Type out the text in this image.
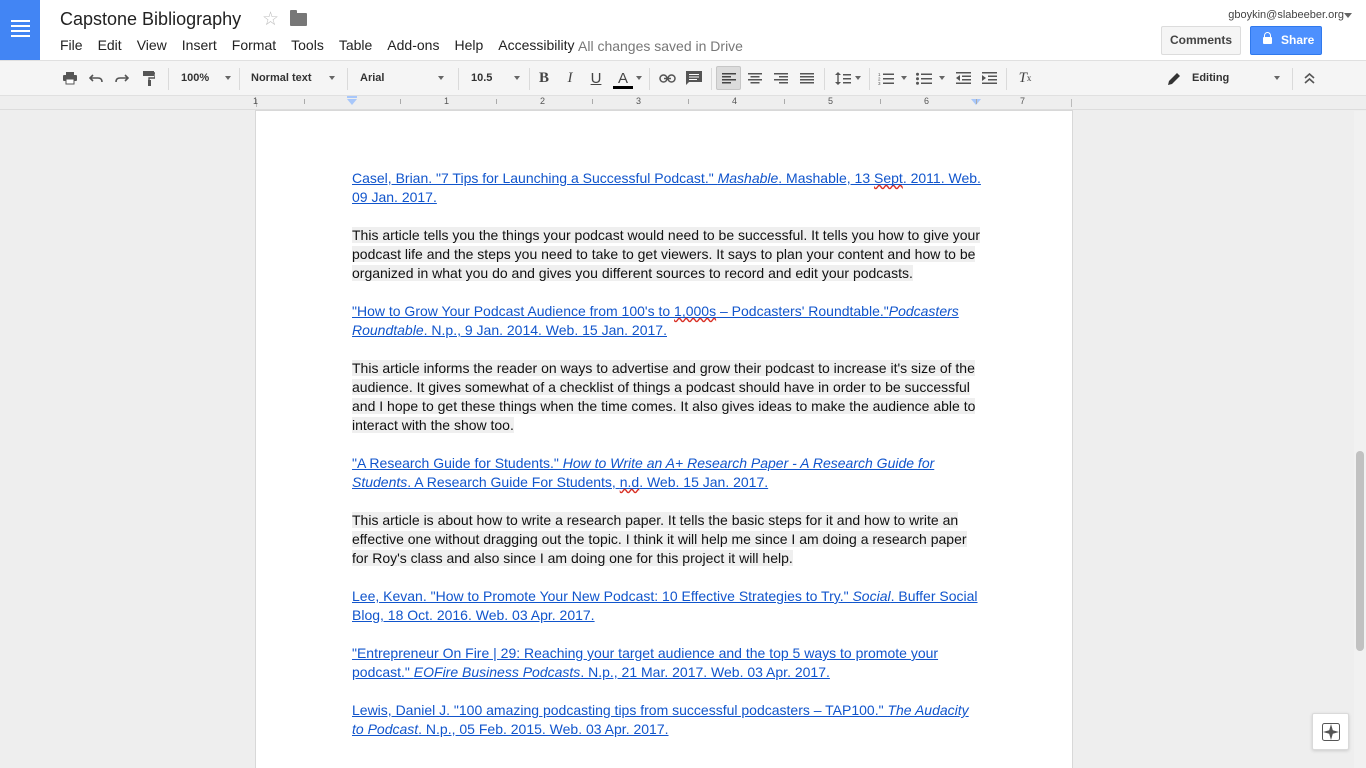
Capstone Bibliography ☆
File Edit View Insert Format Tools Table Add-ons Help Accessibility All changes saved in Drive
gboykin@slabeeber.org
Comments	Share
100%	Normal text	Arial	10.5	B	I	U	A	1
2
3	T x	Editing
1	1	2	3	4	5	6	7

Casel, Brian. "7 Tips for Launching a Successful Podcast." Mashable. Mashable, 13 Sept. 2011. Web. 09 Jan. 2017.

This article tells you the things your podcast would need to be successful. It tells you how to give your podcast life and the steps you need to take to get viewers. It says to plan your content and how to be organized in what you do and gives you different sources to record and edit your podcasts.

"How to Grow Your Podcast Audience from 100's to 1,000s – Podcasters' Roundtable."Podcasters Roundtable. N.p., 9 Jan. 2014. Web. 15 Jan. 2017.

This article informs the reader on ways to advertise and grow their podcast to increase it's size of the audience. It gives somewhat of a checklist of things a podcast should have in order to be successful and I hope to get these things when the time comes. It also gives ideas to make the audience able to interact with the show too.

"A Research Guide for Students." How to Write an A+ Research Paper - A Research Guide for Students. A Research Guide For Students, n.d. Web. 15 Jan. 2017.

This article is about how to write a research paper. It tells the basic steps for it and how to write an effective one without dragging out the topic. I think it will help me since I am doing a research paper for Roy's class and also since I am doing one for this project it will help.

Lee, Kevan. "How to Promote Your New Podcast: 10 Effective Strategies to Try." Social. Buffer Social Blog, 18 Oct. 2016. Web. 03 Apr. 2017.

"Entrepreneur On Fire | 29: Reaching your target audience and the top 5 ways to promote your podcast." EOFire Business Podcasts. N.p., 21 Mar. 2017. Web. 03 Apr. 2017.

Lewis, Daniel J. "100 amazing podcasting tips from successful podcasters – TAP100." The Audacity to Podcast. N.p., 05 Feb. 2015. Web. 03 Apr. 2017.
